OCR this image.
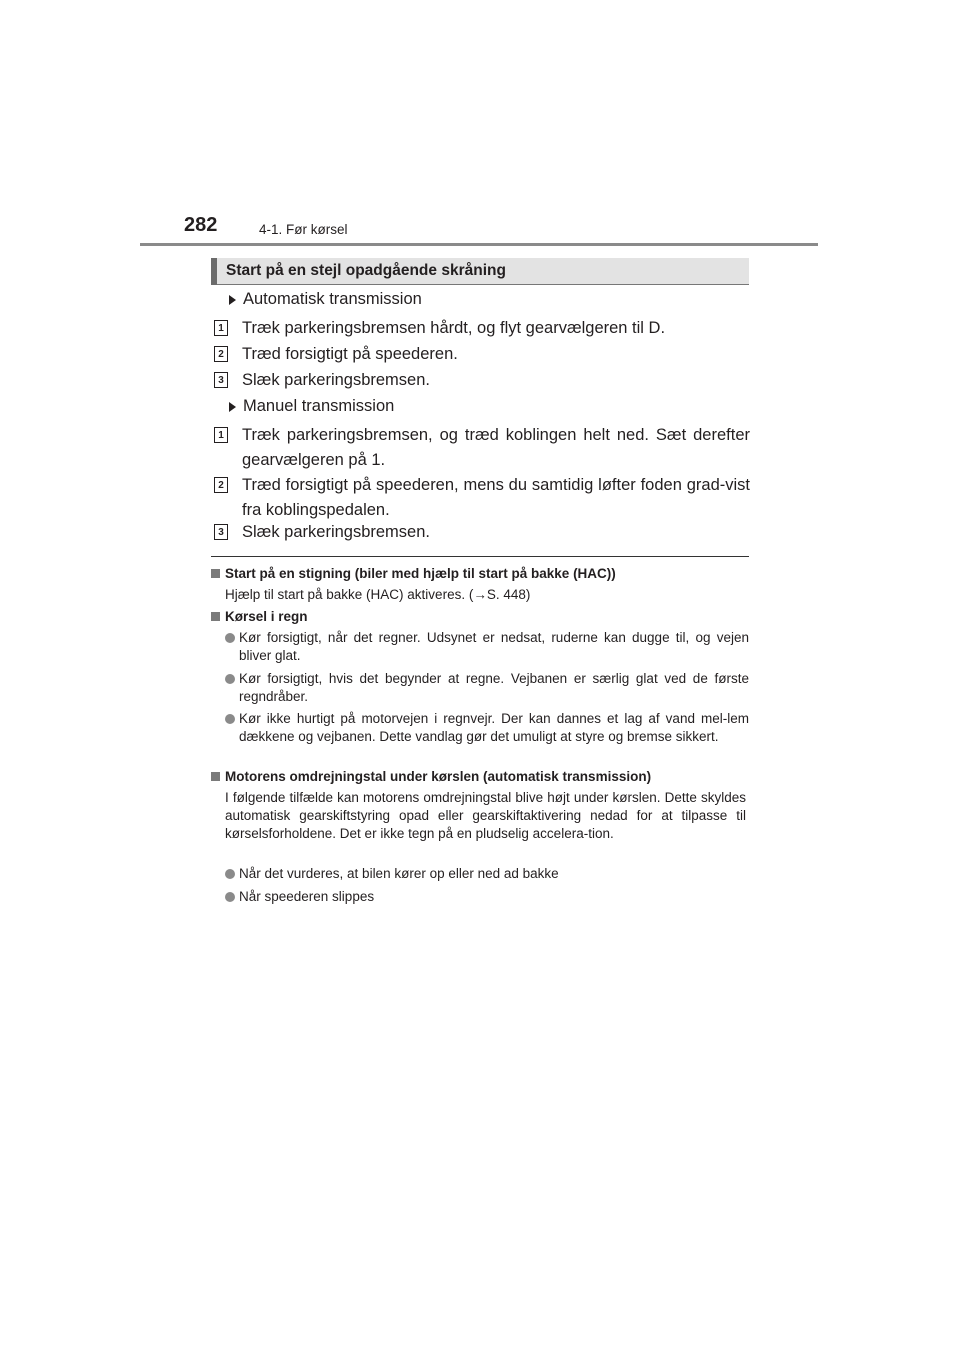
282	4-1. Før kørsel
Start på en stejl opadgående skråning
Automatisk transmission
1 Træk parkeringsbremsen hårdt, og flyt gearvælgeren til D.
2 Træd forsigtigt på speederen.
3 Slæk parkeringsbremsen.
Manuel transmission
1 Træk parkeringsbremsen, og træd koblingen helt ned. Sæt derefter gearvælgeren på 1.
2 Træd forsigtigt på speederen, mens du samtidig løfter foden grad-vist fra koblingspedalen.
3 Slæk parkeringsbremsen.
Start på en stigning (biler med hjælp til start på bakke (HAC))
Hjælp til start på bakke (HAC) aktiveres. (→S. 448)
Kørsel i regn
Kør forsigtigt, når det regner. Udsynet er nedsat, ruderne kan dugge til, og vejen bliver glat.
Kør forsigtigt, hvis det begynder at regne. Vejbanen er særlig glat ved de første regndråber.
Kør ikke hurtigt på motorvejen i regnvejr. Der kan dannes et lag af vand mel-lem dækkene og vejbanen. Dette vandlag gør det umuligt at styre og bremse sikkert.
Motorens omdrejningstal under kørslen (automatisk transmission)
I følgende tilfælde kan motorens omdrejningstal blive højt under kørslen. Dette skyldes automatisk gearskiftstyring opad eller gearskiftaktivering nedad for at tilpasse til kørselsforholdene. Det er ikke tegn på en pludselig accelera-tion.
Når det vurderes, at bilen kører op eller ned ad bakke
Når speederen slippes
